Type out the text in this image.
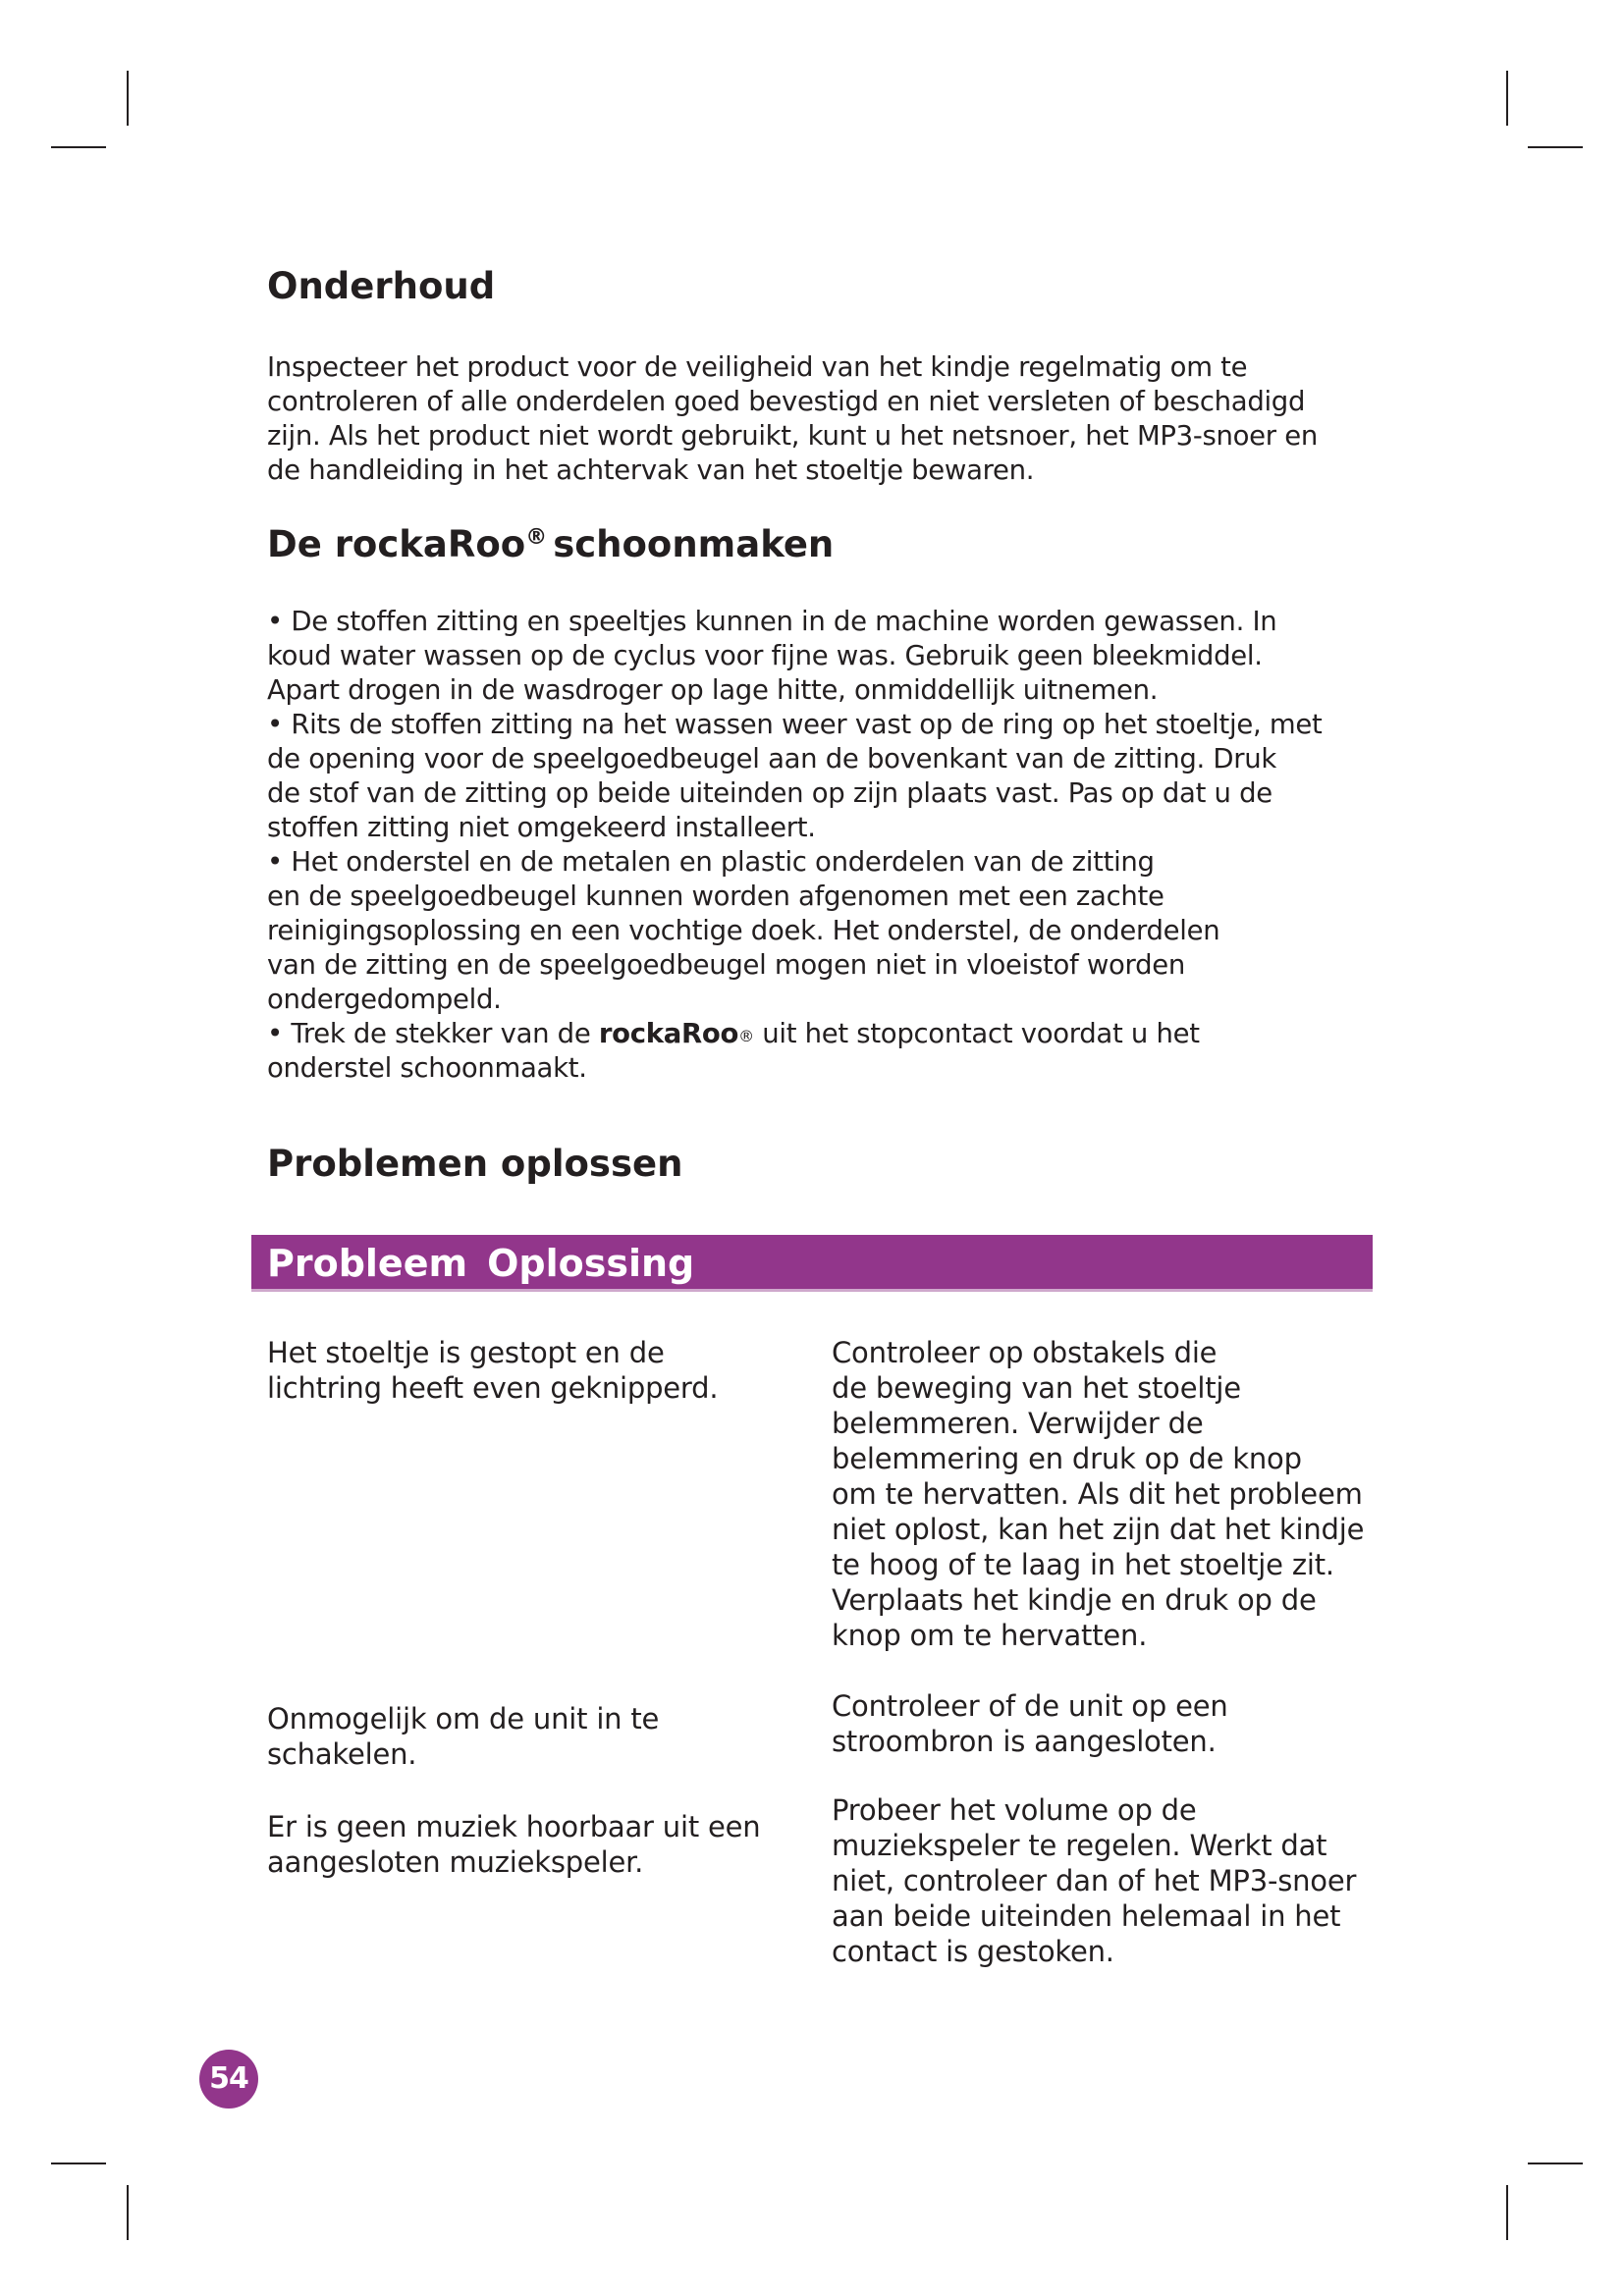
Onderhoud

Inspecteer het product voor de veiligheid van het kindje regelmatig om te
controleren of alle onderdelen goed bevestigd en niet versleten of beschadigd
zijn. Als het product niet wordt gebruikt, kunt u het netsnoer, het MP3-snoer en
de handleiding in het achtervak van het stoeltje bewaren.

De rockaRoo® schoonmaken

• De stoffen zitting en speeltjes kunnen in de machine worden gewassen. In
koud water wassen op de cyclus voor fijne was. Gebruik geen bleekmiddel.
Apart drogen in de wasdroger op lage hitte, onmiddellijk uitnemen.
• Rits de stoffen zitting na het wassen weer vast op de ring op het stoeltje, met
de opening voor de speelgoedbeugel aan de bovenkant van de zitting. Druk
de stof van de zitting op beide uiteinden op zijn plaats vast. Pas op dat u de
stoffen zitting niet omgekeerd installeert.
• Het onderstel en de metalen en plastic onderdelen van de zitting
en de speelgoedbeugel kunnen worden afgenomen met een zachte
reinigingsoplossing en een vochtige doek. Het onderstel, de onderdelen
van de zitting en de speelgoedbeugel mogen niet in vloeistof worden
ondergedompeld.
• Trek de stekker van de rockaRoo® uit het stopcontact voordat u het
onderstel schoonmaakt.

Problemen oplossen
Probleem Oplossing

Het stoeltje is gestopt en de
lichtring heeft even geknipperd.

Controleer op obstakels die
de beweging van het stoeltje
belemmeren. Verwijder de
belemmering en druk op de knop
om te hervatten. Als dit het probleem
niet oplost, kan het zijn dat het kindje
te hoog of te laag in het stoeltje zit.
Verplaats het kindje en druk op de
knop om te hervatten.

Onmogelijk om de unit in te
schakelen.

Controleer of de unit op een
stroombron is aangesloten.

Er is geen muziek hoorbaar uit een
aangesloten muziekspeler.

Probeer het volume op de
muziekspeler te regelen. Werkt dat
niet, controleer dan of het MP3-snoer
aan beide uiteinden helemaal in het
contact is gestoken.

54
